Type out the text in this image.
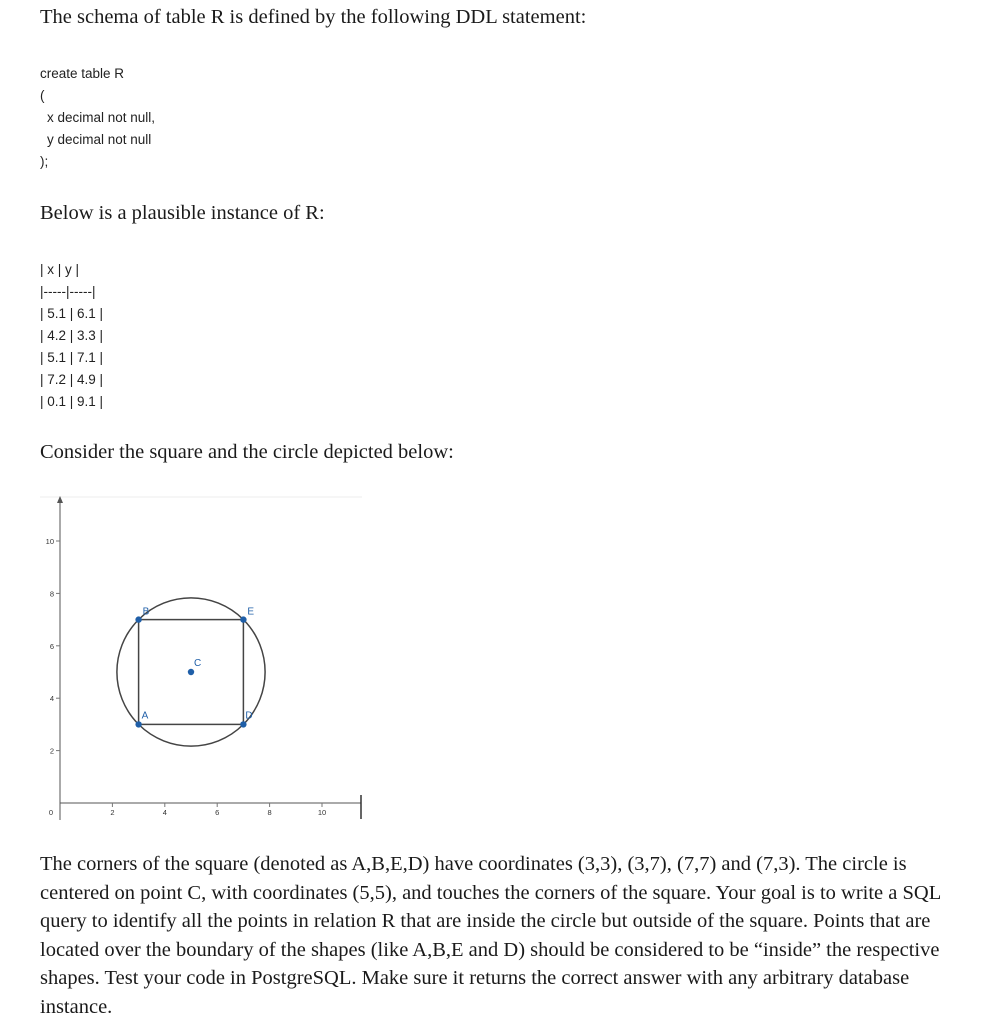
The schema of table R is defined by the following DDL statement:
create table R
(
x decimal not null,
y decimal not null
);
Below is a plausible instance of R:
| x | y |
|-----|-----|
| 5.1 | 6.1 |
| 4.2 | 3.3 |
| 5.1 | 7.1 |
| 7.2 | 4.9 |
| 0.1 | 9.1 |
Consider the square and the circle depicted below:
0	2	4	6	8	10
2
4
6
8
10
A
B	E
D
C
The corners of the square (denoted as A,B,E,D) have coordinates (3,3), (3,7), (7,7) and (7,3). The circle is centered on point C, with coordinates (5,5), and touches the corners of the square. Your goal is to write a SQL query to identify all the points in relation R that are inside the circle but outside of the square. Points that are located over the boundary of the shapes (like A,B,E and D) should be considered to be “inside” the respective shapes. Test your code in PostgreSQL. Make sure it returns the correct answer with any arbitrary database instance.
